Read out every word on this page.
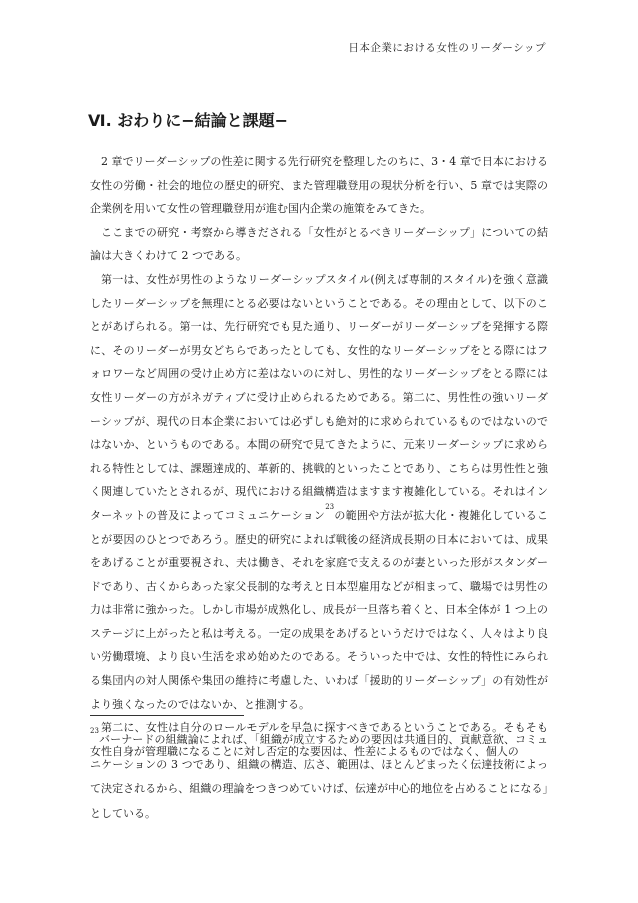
日本企業における女性のリーダーシップ
Ⅵ. おわりに−結論と課題−

2 章でリーダーシップの性差に関する先行研究を整理したのちに、3・4 章で日本における女性の労働・社会的地位の歴史的研究、また管理職登用の現状分析を行い、5 章では実際の企業例を用いて女性の管理職登用が進む国内企業の施策をみてきた。

ここまでの研究・考察から導きだされる「女性がとるべきリーダーシップ」についての結論は大きくわけて 2 つである。

第一は、女性が男性のようなリーダーシップスタイル(例えば専制的スタイル)を強く意識したリーダーシップを無理にとる必要はないということである。その理由として、以下のことがあげられる。第一は、先行研究でも見た通り、リーダーがリーダーシップを発揮する際に、そのリーダーが男女どちらであったとしても、女性的なリーダーシップをとる際にはフォロワーなど周囲の受け止め方に差はないのに対し、男性的なリーダーシップをとる際には女性リーダーの方がネガティブに受け止められるためである。第二に、男性性の強いリーダーシップが、現代の日本企業においては必ずしも絶対的に求められているものではないのではないか、というものである。本間の研究で見てきたように、元来リーダーシップに求められる特性としては、課題達成的、革新的、挑戦的といったことであり、こちらは男性性と強く関連していたとされるが、現代における組織構造はますます複雑化している。それはインターネットの普及によってコミュニケーション$^{23}$の範囲や方法が拡大化・複雑化していることが要因のひとつであろう。歴史的研究によれば戦後の経済成長期の日本においては、成果をあげることが重要視され、夫は働き、それを家庭で支えるのが妻といった形がスタンダードであり、古くからあった家父長制的な考えと日本型雇用などが相まって、職場では男性の力は非常に強かった。しかし市場が成熟化し、成長が一旦落ち着くと、日本全体が 1 つ上のステージに上がったと私は考える。一定の成果をあげるというだけではなく、人々はより良い労働環境、より良い生活を求め始めたのである。そういった中では、女性的特性にみられる集団内の対人関係や集団の維持に考慮した、いわば「援助的リーダーシップ」の有効性がより強くなったのではないか、と推測する。

第二に、女性は自分のロールモデルを早急に探すべきであるということである。そもそも女性自身が管理職になることに対し否定的な要因は、性差によるものではなく、個人の

$^{23}$バーナードの組織論によれば、「組織が成立するための要因は共通目的、貢献意欲、コミュニケーションの 3 つであり、組織の構造、広さ、範囲は、ほとんどまったく伝達技術によって決定されるから、組織の理論をつきつめていけば、伝達が中心的地位を占めることになる」としている。
